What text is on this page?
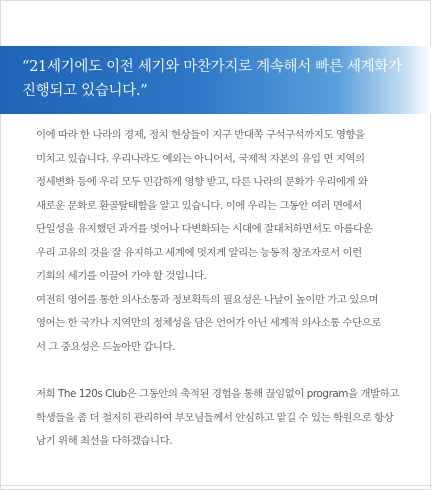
“21세기에도 이전 세기와 마찬가지로 계속해서 빠른 세계화가
진행되고 있습니다.”
이에 따라 한 나라의 경제, 정치 현상들이 지구 반대쪽 구석구석까지도 영향을
미치고 있습니다. 우리나라도 예외는 아니어서, 국제적 자본의 유입 면 지역의
정세변화 등에 우리 모두 민감하게 영향 받고, 다른 나라의 문화가 우리에게 와
새로운 문화로 환골탈태함을 알고 있습니다. 이에 우리는 그동안 여러 면에서
단일성을 유지했던 과거를 벗어나 다변화되는 시대에 잘대처하면서도 아름다운
우리 고유의 것을 잘 유지하고 세계에 멋지게 알리는 능동적 창조자로서 이런
기회의 세기를 이끌어 가야 할 것입니다.
여전히 영어를 통한 의사소통과 정보획득의 필요성은 나날이 높이만 가고 있으며
영어는 한 국가나 지역만의 정체성을 담은 언어가 아닌 세계적 의사소통 수단으로
서 그 중요성은 드높아만 갑니다.
저희 The 120s Club은 그동안의 축적된 경험을 통해 끊임없이 program을 개발하고
학생들을 좀 더 철저히 관리하여 부모님들께서 안심하고 맡길 수 있는 학원으로 항상
남기 위해 최선을 다하겠습니다.
